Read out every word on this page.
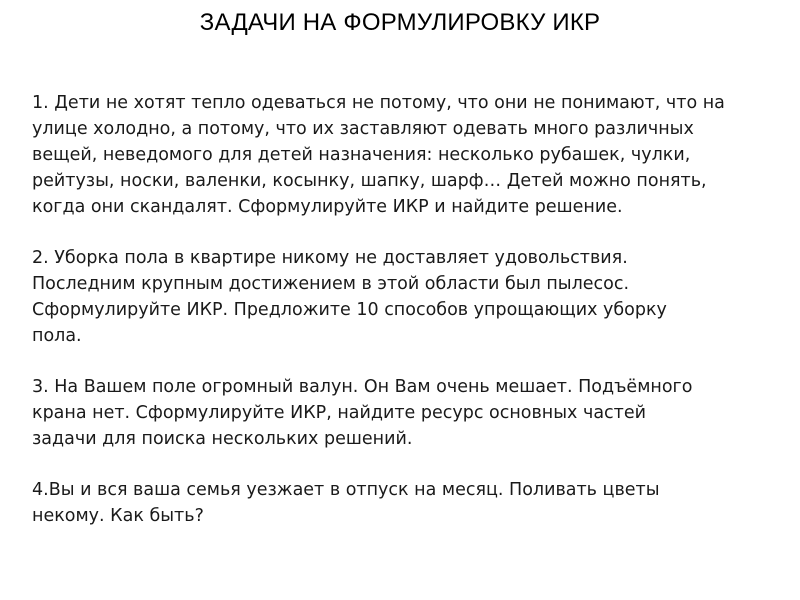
ЗАДАЧИ НА ФОРМУЛИРОВКУ ИКР
1. Дети не хотят тепло одеваться не потому, что они не понимают, что на
улице холодно, а потому, что их заставляют одевать много различных
вещей, неведомого для детей назначения: несколько рубашек, чулки,
рейтузы, носки, валенки, косынку, шапку, шарф… Детей можно понять,
когда они скандалят. Сформулируйте ИКР и найдите решение.
2. Уборка пола в квартире никому не доставляет удовольствия.
Последним крупным достижением в этой области был пылесос.
Сформулируйте ИКР. Предложите 10 способов упрощающих уборку
пола.
3. На Вашем поле огромный валун. Он Вам очень мешает. Подъёмного
крана нет. Сформулируйте ИКР, найдите ресурс основных частей
задачи для поиска нескольких решений.
4.Вы и вся ваша семья уезжает в отпуск на месяц. Поливать цветы
некому. Как быть?
